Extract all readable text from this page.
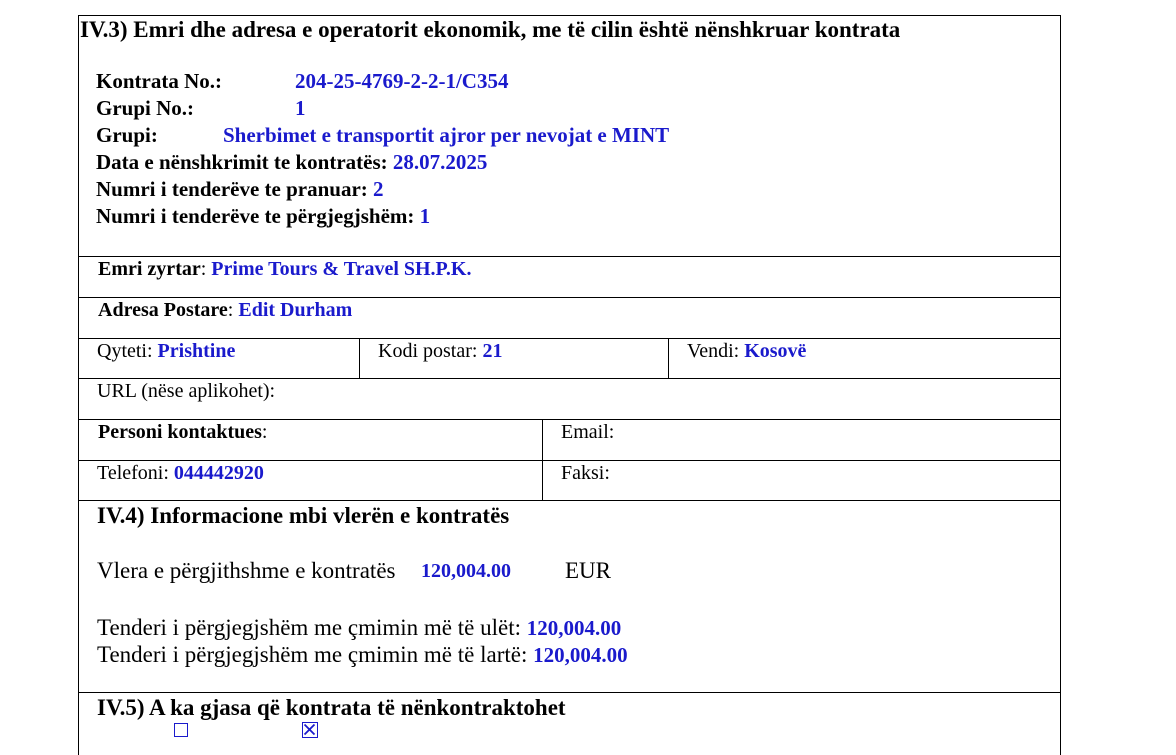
IV.3) Emri dhe adresa e operatorit ekonomik, me të cilin është nënshkruar kontrata
Kontrata No.:	204-25-4769-2-2-1/C354
Grupi No.:	1
Grupi:	Sherbimet e transportit ajror per nevojat e MINT
Data e nënshkrimit te kontratës: 28.07.2025
Numri i tenderëve te pranuar: 2
Numri i tenderëve te përgjegjshëm: 1
Emri zyrtar: Prime Tours & Travel SH.P.K.
Adresa Postare: Edit Durham
Qyteti: Prishtine	Kodi postar: 21	Vendi: Kosovë
URL (nëse aplikohet):
Personi kontaktues:	Email:
Telefoni: 044442920	Faksi:
IV.4) Informacione mbi vlerën e kontratës
Vlera e përgjithshme e kontratës 120,004.00 EUR
Tenderi i përgjegjshëm me çmimin më të ulët: 120,004.00
Tenderi i përgjegjshëm me çmimin më të lartë: 120,004.00
IV.5) A ka gjasa që kontrata të nënkontraktohet
